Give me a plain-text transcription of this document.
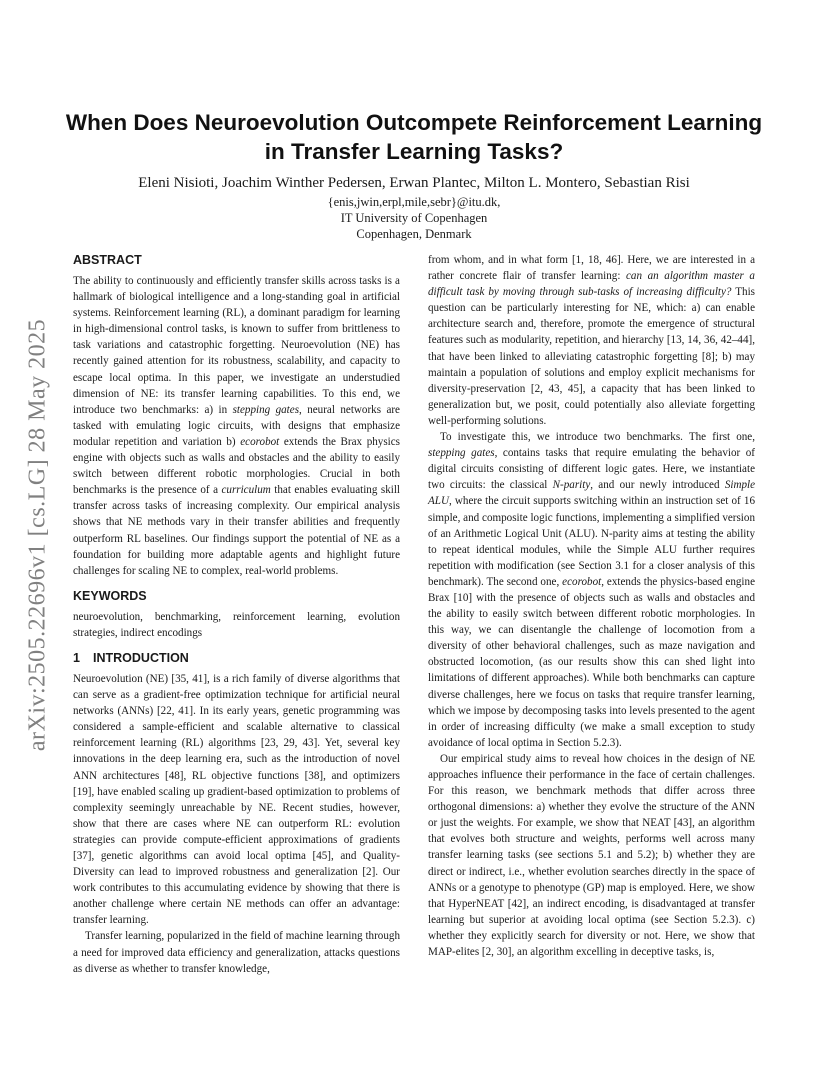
arXiv:2505.22696v1 [cs.LG] 28 May 2025
When Does Neuroevolution Outcompete Reinforcement Learning
in Transfer Learning Tasks?
Eleni Nisioti, Joachim Winther Pedersen, Erwan Plantec, Milton L. Montero, Sebastian Risi
{enis,jwin,erpl,mile,sebr}@itu.dk,
IT University of Copenhagen
Copenhagen, Denmark
ABSTRACT

The ability to continuously and efficiently transfer skills across tasks is a hallmark of biological intelligence and a long-standing goal in artificial systems. Reinforcement learning (RL), a dominant paradigm for learning in high-dimensional control tasks, is known to suffer from brittleness to task variations and catastrophic forgetting. Neuroevolution (NE) has recently gained attention for its robustness, scalability, and capacity to escape local optima. In this paper, we investigate an understudied dimension of NE: its transfer learning capabilities. To this end, we introduce two benchmarks: a) in stepping gates, neural networks are tasked with emulating logic circuits, with designs that emphasize modular repetition and variation b) ecorobot extends the Brax physics engine with objects such as walls and obstacles and the ability to easily switch between different robotic morphologies. Crucial in both benchmarks is the presence of a curriculum that enables evaluating skill transfer across tasks of increasing complexity. Our empirical analysis shows that NE methods vary in their transfer abilities and frequently outperform RL baselines. Our findings support the potential of NE as a foundation for building more adaptable agents and highlight future challenges for scaling NE to complex, real-world problems.

KEYWORDS

neuroevolution, benchmarking, reinforcement learning, evolution strategies, indirect encodings

1 INTRODUCTION

Neuroevolution (NE) [35, 41], is a rich family of diverse algorithms that can serve as a gradient-free optimization technique for artificial neural networks (ANNs) [22, 41]. In its early years, genetic programming was considered a sample-efficient and scalable alternative to classical reinforcement learning (RL) algorithms [23, 29, 43]. Yet, several key innovations in the deep learning era, such as the introduction of novel ANN architectures [48], RL objective functions [38], and optimizers [19], have enabled scaling up gradient-based optimization to problems of complexity seemingly unreachable by NE. Recent studies, however, show that there are cases where NE can outperform RL: evolution strategies can provide compute-efficient approximations of gradients [37], genetic algorithms can avoid local optima [45], and Quality-Diversity can lead to improved robustness and generalization [2]. Our work contributes to this accumulating evidence by showing that there is another challenge where certain NE methods can offer an advantage: transfer learning.

Transfer learning, popularized in the field of machine learning through a need for improved data efficiency and generalization, attacks questions as diverse as whether to transfer knowledge,

from whom, and in what form [1, 18, 46]. Here, we are interested in a rather concrete flair of transfer learning: can an algorithm master a difficult task by moving through sub-tasks of increasing difficulty? This question can be particularly interesting for NE, which: a) can enable architecture search and, therefore, promote the emergence of structural features such as modularity, repetition, and hierarchy [13, 14, 36, 42–44], that have been linked to alleviating catastrophic forgetting [8]; b) may maintain a population of solutions and employ explicit mechanisms for diversity-preservation [2, 43, 45], a capacity that has been linked to generalization but, we posit, could potentially also alleviate forgetting well-performing solutions.

To investigate this, we introduce two benchmarks. The first one, stepping gates, contains tasks that require emulating the behavior of digital circuits consisting of different logic gates. Here, we instantiate two circuits: the classical N-parity, and our newly introduced Simple ALU, where the circuit supports switching within an instruction set of 16 simple, and composite logic functions, implementing a simplified version of an Arithmetic Logical Unit (ALU). N-parity aims at testing the ability to repeat identical modules, while the Simple ALU further requires repetition with modification (see Section 3.1 for a closer analysis of this benchmark). The second one, ecorobot, extends the physics-based engine Brax [10] with the presence of objects such as walls and obstacles and the ability to easily switch between different robotic morphologies. In this way, we can disentangle the challenge of locomotion from a diversity of other behavioral challenges, such as maze navigation and obstructed locomotion, (as our results show this can shed light into limitations of different approaches). While both benchmarks can capture diverse challenges, here we focus on tasks that require transfer learning, which we impose by decomposing tasks into levels presented to the agent in order of increasing difficulty (we make a small exception to study avoidance of local optima in Section 5.2.3).

Our empirical study aims to reveal how choices in the design of NE approaches influence their performance in the face of certain challenges. For this reason, we benchmark methods that differ across three orthogonal dimensions: a) whether they evolve the structure of the ANN or just the weights. For example, we show that NEAT [43], an algorithm that evolves both structure and weights, performs well across many transfer learning tasks (see sections 5.1 and 5.2); b) whether they are direct or indirect, i.e., whether evolution searches directly in the space of ANNs or a genotype to phenotype (GP) map is employed. Here, we show that HyperNEAT [42], an indirect encoding, is disadvantaged at transfer learning but superior at avoiding local optima (see Section 5.2.3). c) whether they explicitly search for diversity or not. Here, we show that MAP-elites [2, 30], an algorithm excelling in deceptive tasks, is,
